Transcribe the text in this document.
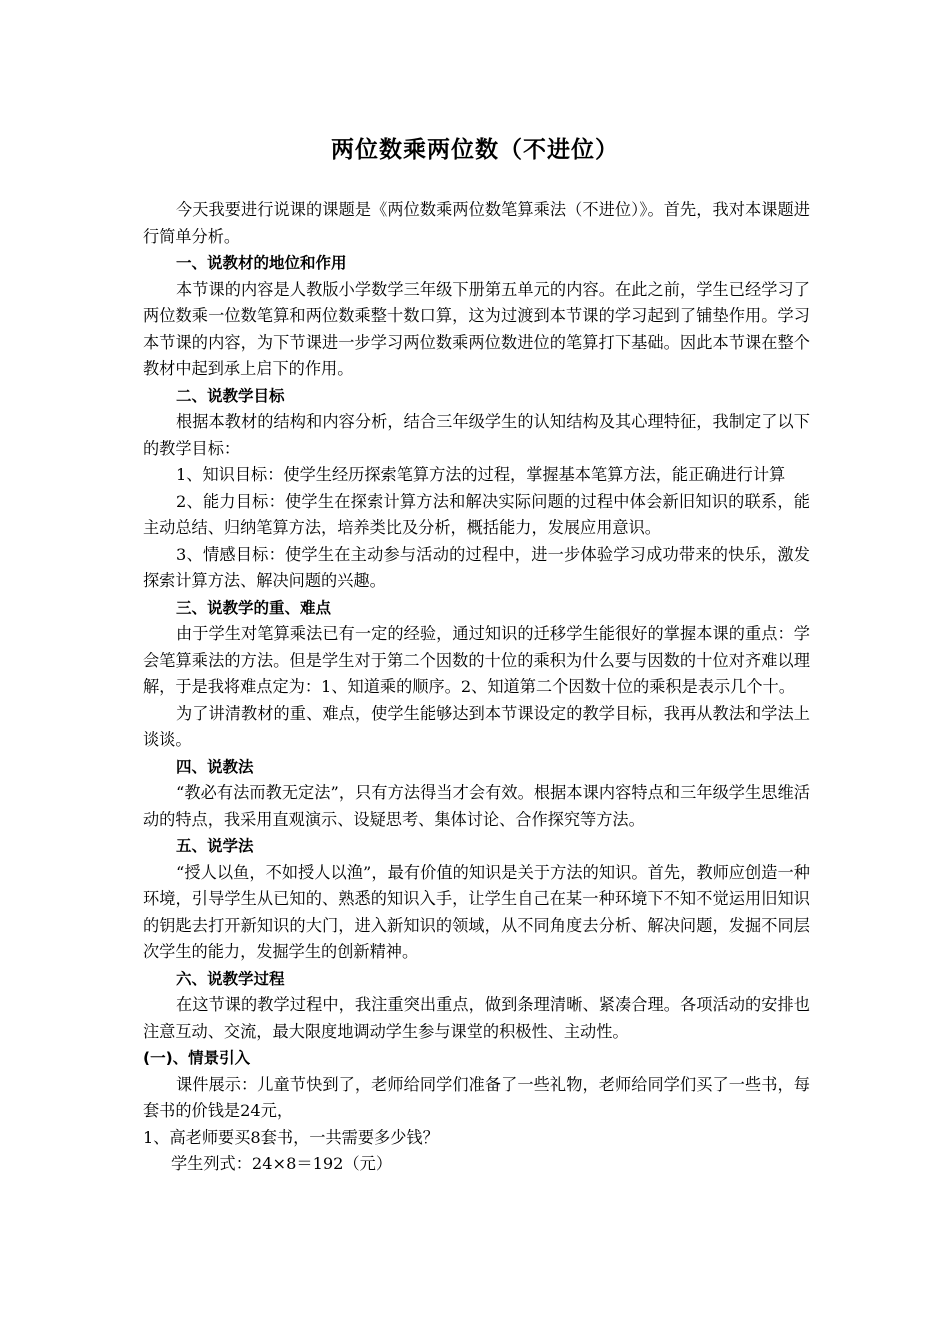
两位数乘两位数（不进位）

今天我要进行说课的课题是《两位数乘两位数笔算乘法（不进位）》。首先，我对本课题进行简单分析。

一、说教材的地位和作用

本节课的内容是人教版小学数学三年级下册第五单元的内容。在此之前，学生已经学习了两位数乘一位数笔算和两位数乘整十数口算，这为过渡到本节课的学习起到了铺垫作用。学习本节课的内容，为下节课进一步学习两位数乘两位数进位的笔算打下基础。因此本节课在整个教材中起到承上启下的作用。

二、说教学目标

根据本教材的结构和内容分析，结合三年级学生的认知结构及其心理特征，我制定了以下的教学目标：

1、知识目标：使学生经历探索笔算方法的过程，掌握基本笔算方法，能正确进行计算

2、能力目标：使学生在探索计算方法和解决实际问题的过程中体会新旧知识的联系，能主动总结、归纳笔算方法，培养类比及分析，概括能力，发展应用意识。

3、情感目标：使学生在主动参与活动的过程中，进一步体验学习成功带来的快乐，激发探索计算方法、解决问题的兴趣。

三、说教学的重、难点

由于学生对笔算乘法已有一定的经验，通过知识的迁移学生能很好的掌握本课的重点：学会笔算乘法的方法。但是学生对于第二个因数的十位的乘积为什么要与因数的十位对齐难以理解，于是我将难点定为：1、知道乘的顺序。2、知道第二个因数十位的乘积是表示几个十。

为了讲清教材的重、难点，使学生能够达到本节课设定的教学目标，我再从教法和学法上谈谈。

四、说教法

“教必有法而教无定法”，只有方法得当才会有效。根据本课内容特点和三年级学生思维活动的特点，我采用直观演示、设疑思考、集体讨论、合作探究等方法。

五、说学法

“授人以鱼，不如授人以渔”，最有价值的知识是关于方法的知识。首先，教师应创造一种环境，引导学生从已知的、熟悉的知识入手，让学生自己在某一种环境下不知不觉运用旧知识的钥匙去打开新知识的大门，进入新知识的领域，从不同角度去分析、解决问题，发掘不同层次学生的能力，发掘学生的创新精神。

六、说教学过程

在这节课的教学过程中，我注重突出重点，做到条理清晰、紧凑合理。各项活动的安排也注意互动、交流，最大限度地调动学生参与课堂的积极性、主动性。

(一)、情景引入

课件展示：儿童节快到了，老师给同学们准备了一些礼物，老师给同学们买了一些书，每套书的价钱是24元，

1、高老师要买8套书，一共需要多少钱？

学生列式：24×8＝192（元）
